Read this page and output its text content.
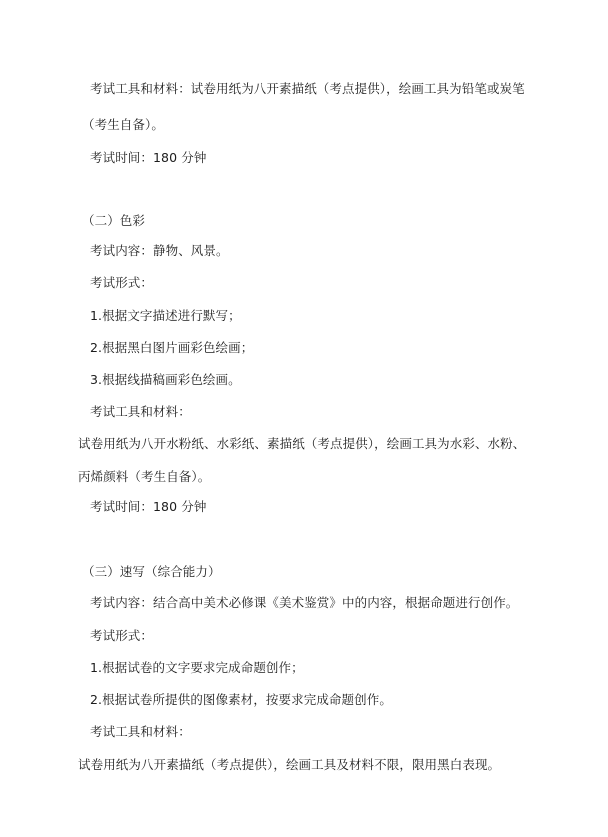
考试工具和材料：试卷用纸为八开素描纸（考点提供），绘画工具为铅笔或炭笔
（考生自备）。
考试时间：180 分钟
（二）色彩
考试内容：静物、风景。
考试形式：
1.根据文字描述进行默写；
2.根据黑白图片画彩色绘画；
3.根据线描稿画彩色绘画。
考试工具和材料：
试卷用纸为八开水粉纸、水彩纸、素描纸（考点提供），绘画工具为水彩、水粉、
丙烯颜料（考生自备）。
考试时间：180 分钟
（三）速写（综合能力）
考试内容：结合高中美术必修课《美术鉴赏》中的内容，根据命题进行创作。
考试形式：
1.根据试卷的文字要求完成命题创作；
2.根据试卷所提供的图像素材，按要求完成命题创作。
考试工具和材料：
试卷用纸为八开素描纸（考点提供），绘画工具及材料不限，限用黑白表现。
